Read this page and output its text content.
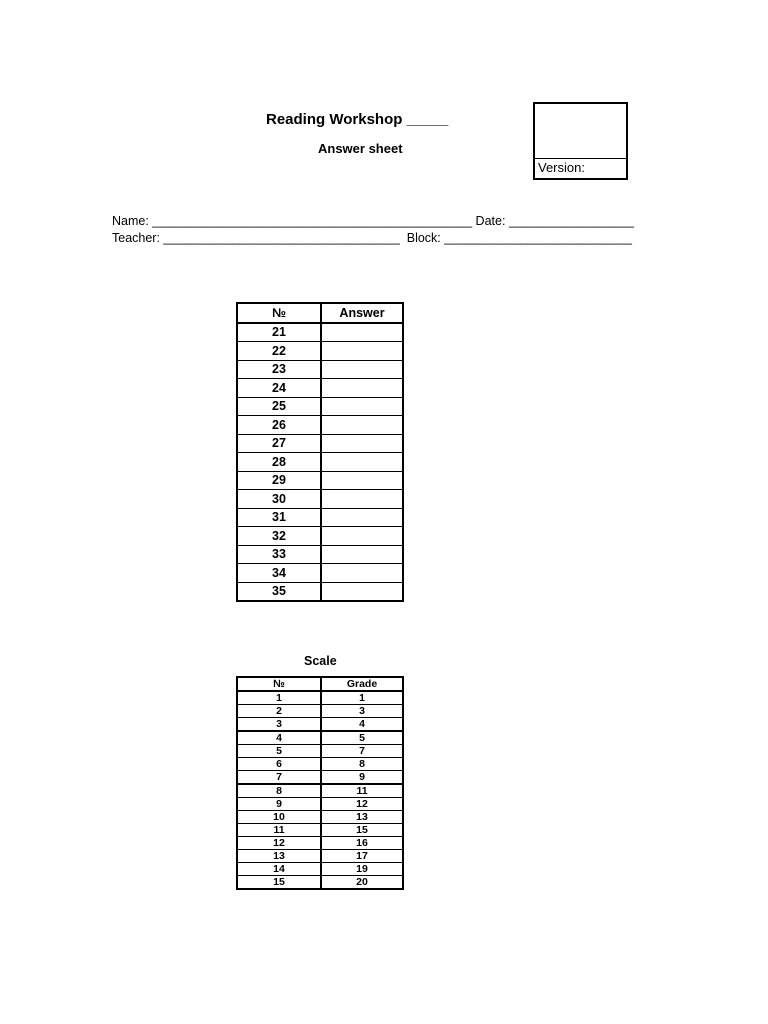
Reading Workshop _____
Answer sheet
Version:
Name: ______________________________________________ Date: __________________
Teacher: __________________________________  Block: ___________________________
№	Answer
21	
22	
23	
24	
25	
26	
27	
28	
29	
30	
31	
32	
33	
34	
35	
Scale
№	Grade
1	1
2	3
3	4
4	5
5	7
6	8
7	9
8	11
9	12
10	13
11	15
12	16
13	17
14	19
15	20
